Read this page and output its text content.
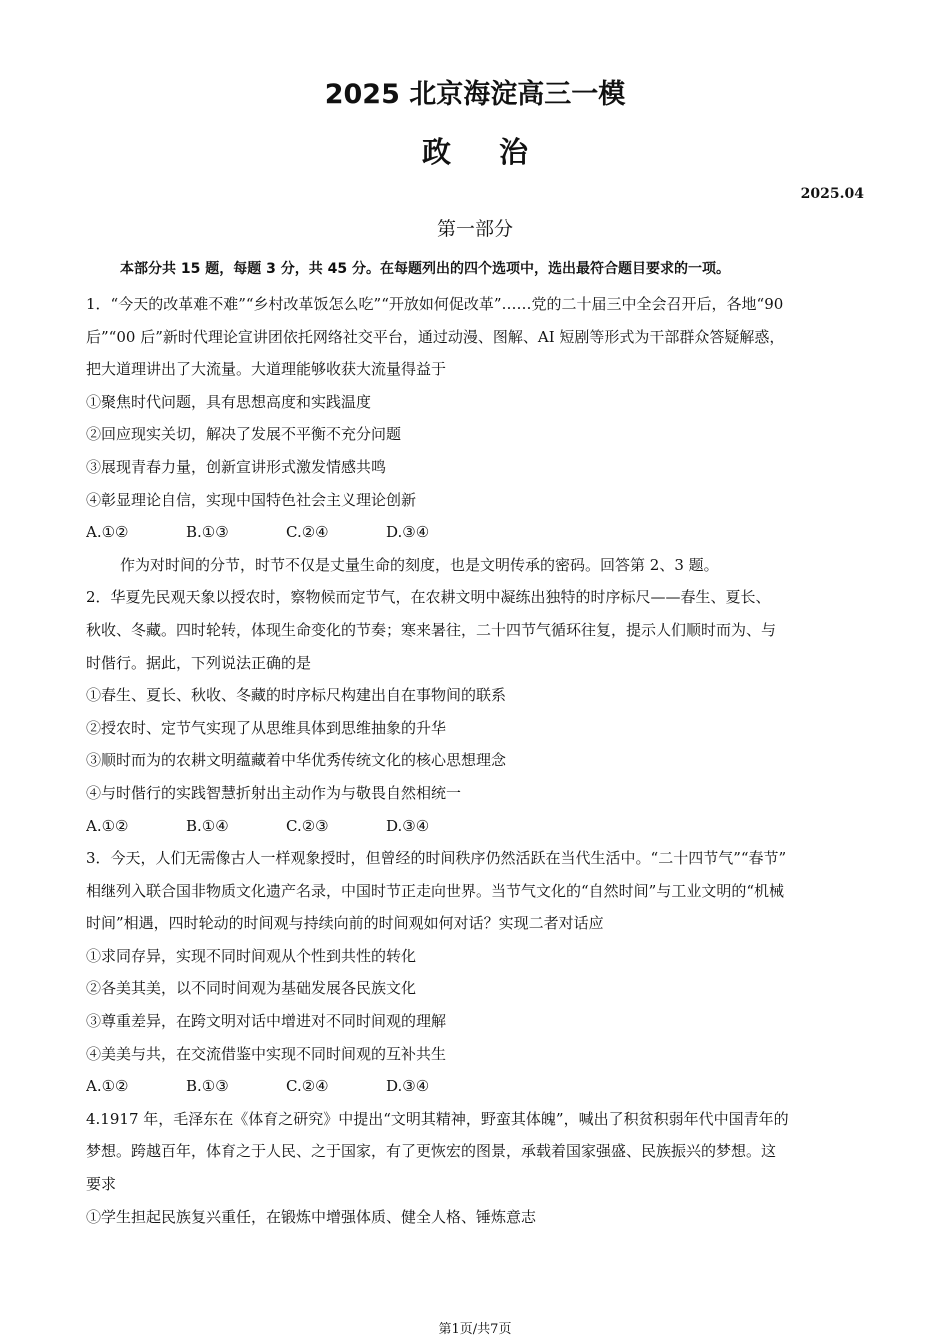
2025 北京海淀高三一模
政治
2025.04
第一部分
本部分共 15 题，每题 3 分，共 45 分。在每题列出的四个选项中，选出最符合题目要求的一项。
1．“今天的改革难不难”“乡村改革饭怎么吃”“开放如何促改革”……党的二十届三中全会召开后，各地“90
后”“00 后”新时代理论宣讲团依托网络社交平台，通过动漫、图解、AI 短剧等形式为干部群众答疑解惑，
把大道理讲出了大流量。大道理能够收获大流量得益于
①聚焦时代问题，具有思想高度和实践温度
②回应现实关切，解决了发展不平衡不充分问题
③展现青春力量，创新宣讲形式激发情感共鸣
④彰显理论自信，实现中国特色社会主义理论创新
A.①②	B.①③	C.②④	D.③④
作为对时间的分节，时节不仅是丈量生命的刻度，也是文明传承的密码。回答第 2、3 题。
2．华夏先民观天象以授农时，察物候而定节气，在农耕文明中凝练出独特的时序标尺——春生、夏长、
秋收、冬藏。四时轮转，体现生命变化的节奏；寒来暑往，二十四节气循环往复，提示人们顺时而为、与
时偕行。据此，下列说法正确的是
①春生、夏长、秋收、冬藏的时序标尺构建出自在事物间的联系
②授农时、定节气实现了从思维具体到思维抽象的升华
③顺时而为的农耕文明蕴藏着中华优秀传统文化的核心思想理念
④与时偕行的实践智慧折射出主动作为与敬畏自然相统一
A.①②	B.①④	C.②③	D.③④
3．今天，人们无需像古人一样观象授时，但曾经的时间秩序仍然活跃在当代生活中。“二十四节气”“春节”
相继列入联合国非物质文化遗产名录，中国时节正走向世界。当节气文化的“自然时间”与工业文明的“机械
时间”相遇，四时轮动的时间观与持续向前的时间观如何对话？实现二者对话应
①求同存异，实现不同时间观从个性到共性的转化
②各美其美，以不同时间观为基础发展各民族文化
③尊重差异，在跨文明对话中增进对不同时间观的理解
④美美与共，在交流借鉴中实现不同时间观的互补共生
A.①②	B.①③	C.②④	D.③④
4.1917 年，毛泽东在《体育之研究》中提出“文明其精神，野蛮其体魄”，喊出了积贫积弱年代中国青年的
梦想。跨越百年，体育之于人民、之于国家，有了更恢宏的图景，承载着国家强盛、民族振兴的梦想。这
要求
①学生担起民族复兴重任，在锻炼中增强体质、健全人格、锤炼意志
第1页/共7页
